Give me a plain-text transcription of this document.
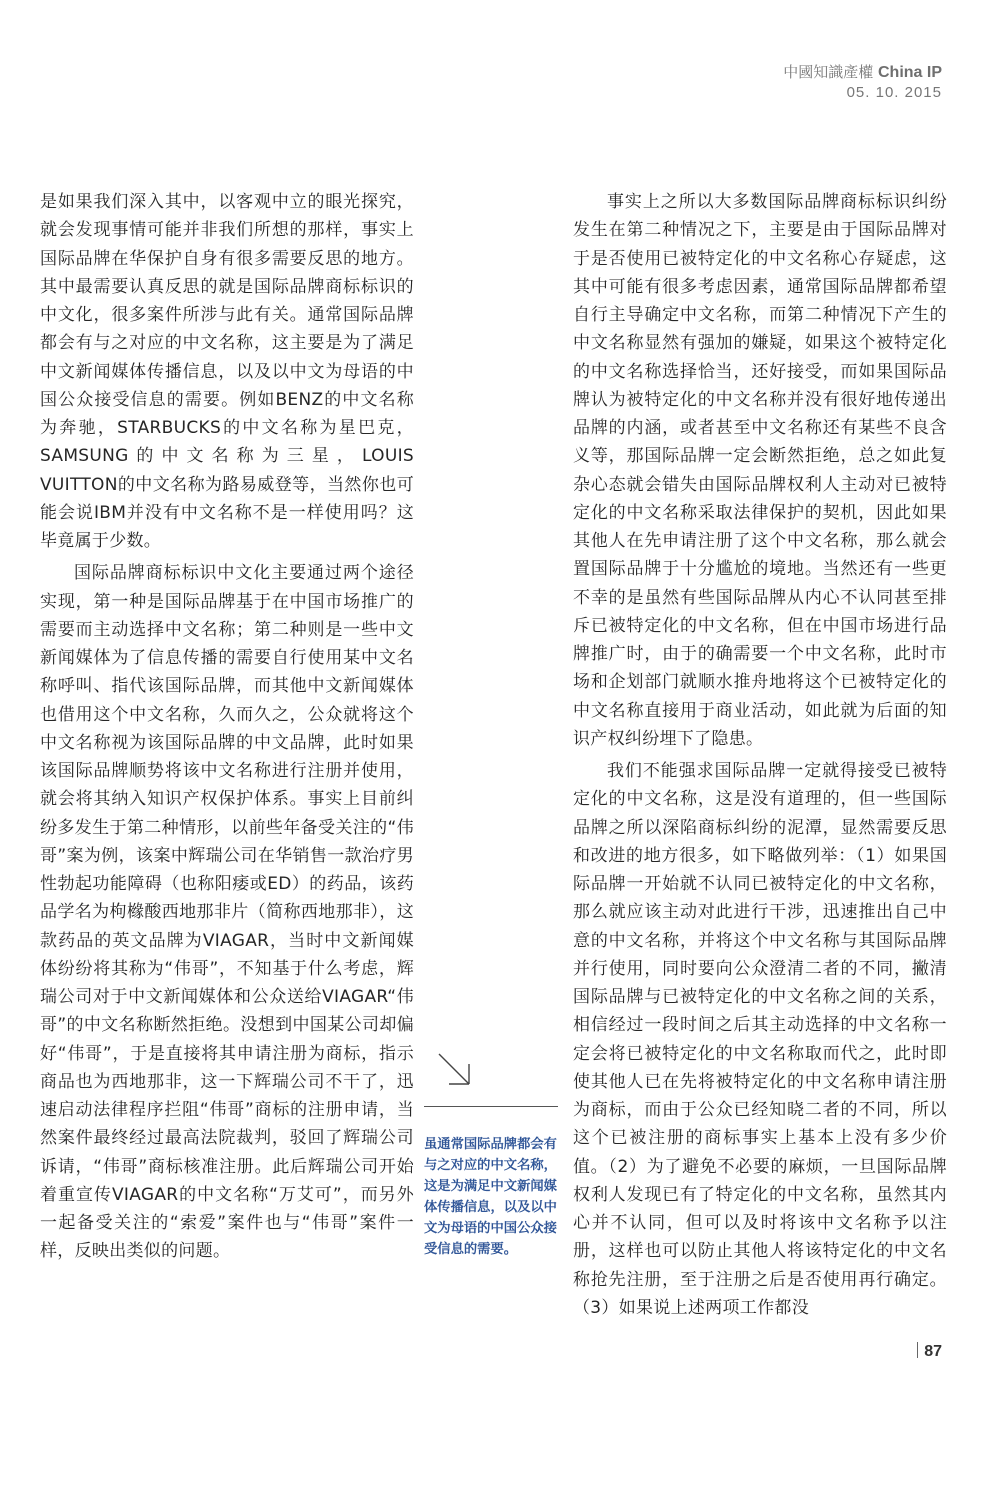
中國知識產權 China IP
05. 10. 2015

是如果我们深入其中，以客观中立的眼光探究，就会发现事情可能并非我们所想的那样，事实上国际品牌在华保护自身有很多需要反思的地方。其中最需要认真反思的就是国际品牌商标标识的中文化，很多案件所涉与此有关。通常国际品牌都会有与之对应的中文名称，这主要是为了满足中文新闻媒体传播信息，以及以中文为母语的中国公众接受信息的需要。例如BENZ的中文名称为奔驰，STARBUCKS的中文名称为星巴克，SAMSUNG的中文名称为三星，LOUIS VUITTON的中文名称为路易威登等，当然你也可能会说IBM并没有中文名称不是一样使用吗？这毕竟属于少数。

国际品牌商标标识中文化主要通过两个途径实现，第一种是国际品牌基于在中国市场推广的需要而主动选择中文名称；第二种则是一些中文新闻媒体为了信息传播的需要自行使用某中文名称呼叫、指代该国际品牌，而其他中文新闻媒体也借用这个中文名称，久而久之，公众就将这个中文名称视为该国际品牌的中文品牌，此时如果该国际品牌顺势将该中文名称进行注册并使用，就会将其纳入知识产权保护体系。事实上目前纠纷多发生于第二种情形，以前些年备受关注的“伟哥”案为例，该案中辉瑞公司在华销售一款治疗男性勃起功能障碍（也称阳痿或ED）的药品，该药品学名为枸橼酸西地那非片（简称西地那非），这款药品的英文品牌为VIAGAR，当时中文新闻媒体纷纷将其称为“伟哥”，不知基于什么考虑，辉瑞公司对于中文新闻媒体和公众送给VIAGAR“伟哥”的中文名称断然拒绝。没想到中国某公司却偏好“伟哥”，于是直接将其申请注册为商标，指示商品也为西地那非，这一下辉瑞公司不干了，迅速启动法律程序拦阻“伟哥”商标的注册申请，当然案件最终经过最高法院裁判，驳回了辉瑞公司诉请，“伟哥”商标核准注册。此后辉瑞公司开始着重宣传VIAGAR的中文名称“万艾可”，而另外一起备受关注的“索爱”案件也与“伟哥”案件一样，反映出类似的问题。

虽通常国际品牌都会有与之对应的中文名称，这是为满足中文新闻媒体传播信息，以及以中文为母语的中国公众接受信息的需要。

事实上之所以大多数国际品牌商标标识纠纷发生在第二种情况之下，主要是由于国际品牌对于是否使用已被特定化的中文名称心存疑虑，这其中可能有很多考虑因素，通常国际品牌都希望自行主导确定中文名称，而第二种情况下产生的中文名称显然有强加的嫌疑，如果这个被特定化的中文名称选择恰当，还好接受，而如果国际品牌认为被特定化的中文名称并没有很好地传递出品牌的内涵，或者甚至中文名称还有某些不良含义等，那国际品牌一定会断然拒绝，总之如此复杂心态就会错失由国际品牌权利人主动对已被特定化的中文名称采取法律保护的契机，因此如果其他人在先申请注册了这个中文名称，那么就会置国际品牌于十分尴尬的境地。当然还有一些更不幸的是虽然有些国际品牌从内心不认同甚至排斥已被特定化的中文名称，但在中国市场进行品牌推广时，由于的确需要一个中文名称，此时市场和企划部门就顺水推舟地将这个已被特定化的中文名称直接用于商业活动，如此就为后面的知识产权纠纷埋下了隐患。

我们不能强求国际品牌一定就得接受已被特定化的中文名称，这是没有道理的，但一些国际品牌之所以深陷商标纠纷的泥潭，显然需要反思和改进的地方很多，如下略做列举：（1）如果国际品牌一开始就不认同已被特定化的中文名称，那么就应该主动对此进行干涉，迅速推出自己中意的中文名称，并将这个中文名称与其国际品牌并行使用，同时要向公众澄清二者的不同，撇清国际品牌与已被特定化的中文名称之间的关系，相信经过一段时间之后其主动选择的中文名称一定会将已被特定化的中文名称取而代之，此时即使其他人已在先将被特定化的中文名称申请注册为商标，而由于公众已经知晓二者的不同，所以这个已被注册的商标事实上基本上没有多少价值。（2）为了避免不必要的麻烦，一旦国际品牌权利人发现已有了特定化的中文名称，虽然其内心并不认同，但可以及时将该中文名称予以注册，这样也可以防止其他人将该特定化的中文名称抢先注册，至于注册之后是否使用再行确定。（3）如果说上述两项工作都没

87
